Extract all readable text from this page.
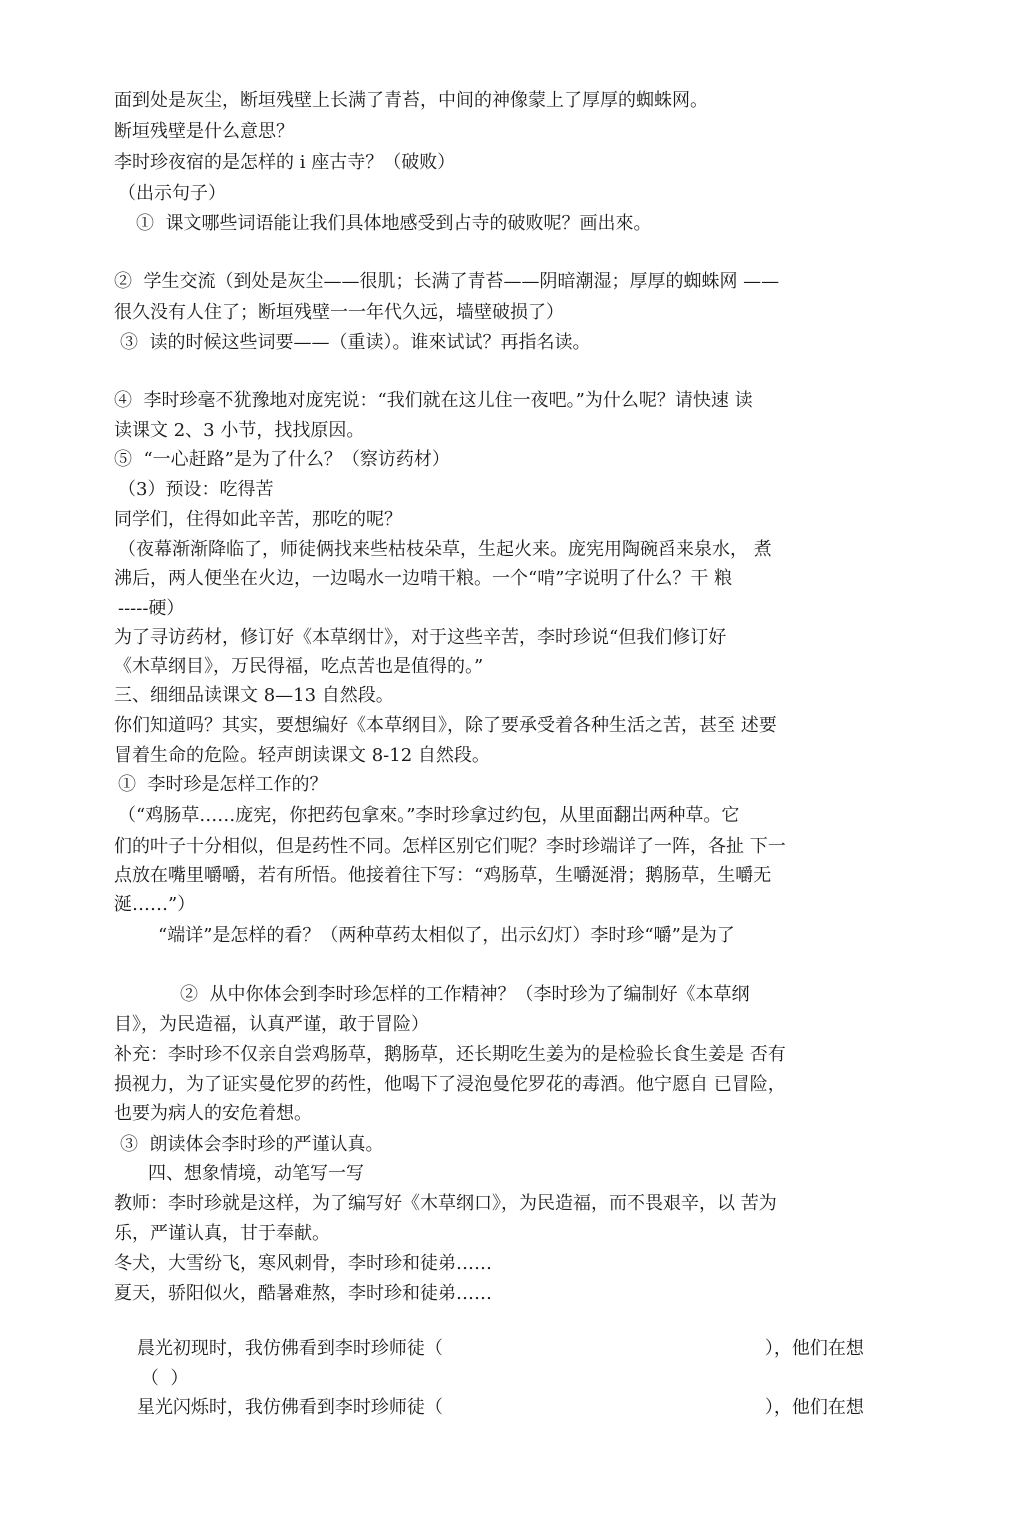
面到处是灰尘，断垣残壁上长满了青苔，中间的神像蒙上了厚厚的蜘蛛网。
断垣残壁是什么意思？
李时珍夜宿的是怎样的 i 座古寺？（破败）
（出示句子）
①  课文哪些词语能让我们具体地感受到占寺的破败呢？画出來。
②  学生交流（到处是灰尘——很肌；长满了青苔——阴暗潮湿；厚厚的蜘蛛网 ——
很久没有人住了；断垣残壁一一年代久远，墙壁破损了）
③  读的时候这些词要——（重读）。谁來试试？再指名读。
④  李时珍毫不犹豫地对庞宪说：“我们就在这儿住一夜吧。”为什么呢？请快速 读
读课文 2、3 小节，找找原因。
⑤  “一心赶路”是为了什么？（察访药材）
（3）预设：吃得苦
同学们，住得如此辛苦，那吃的呢？
（夜幕渐渐降临了，师徒俩找来些枯枝朵草，生起火来。庞宪用陶碗舀来泉水， 煮
沸后，两人便坐在火边，一边喝水一边啃干粮。一个“啃”字说明了什么？干 粮
-----硬）
为了寻访药材，修订好《本草纲廿》，对于这些辛苦，李时珍说“但我们修订好
《木草纲目》，万民得福，吃点苦也是值得的。”
三、细细品读课文 8—13 自然段。
你们知道吗？其实，要想编好《本草纲目》，除了要承受着各种生活之苦，甚至 述要
冒着生命的危险。轻声朗读课文 8-12 自然段。
①  李时珍是怎样工作的？
（“鸡肠草……庞宪，你把药包拿來。”李时珍拿过约包，从里面翻岀两种草。它
们的叶子十分相似，但是药性不同。怎样区别它们呢？李时珍端详了一阵，各扯 下一
点放在嘴里嚼嚼，若有所悟。他接着往下写：“鸡肠草，生嚼涎滑；鹅肠草，生嚼无
涎……”）
“端详”是怎样的看？（两种草药太相似了，出示幻灯）李时珍“嚼”是为了
②  从中你体会到李时珍怎样的工作精神？（李时珍为了编制好《本草纲
目》，为民造福，认真严谨，敢于冒险）
补充：李时珍不仅亲自尝鸡肠草，鹅肠草，还长期吃生姜为的是检验长食生姜是 否有
损视力，为了证实曼佗罗的药性，他喝下了浸泡曼佗罗花的毒酒。他宁愿自 已冒险，
也要为病人的安危着想。
③  朗读体会李时珍的严谨认真。
四、想象情境，动笔写一写
教师：李时珍就是这样，为了编写好《木草纲口》，为民造福，而不畏艰辛，以 苦为
乐，严谨认真，甘于奉献。
冬犬，大雪纷飞，寒风刺骨，李时珍和徒弟……
夏天，骄阳似火，酷暑难熬，李时珍和徒弟……

晨光初现时，我仿佛看到李时珍师徒（
	），他们在想

（  ）

星光闪烁时，我仿佛看到李时珍师徒（
	），他们在想
